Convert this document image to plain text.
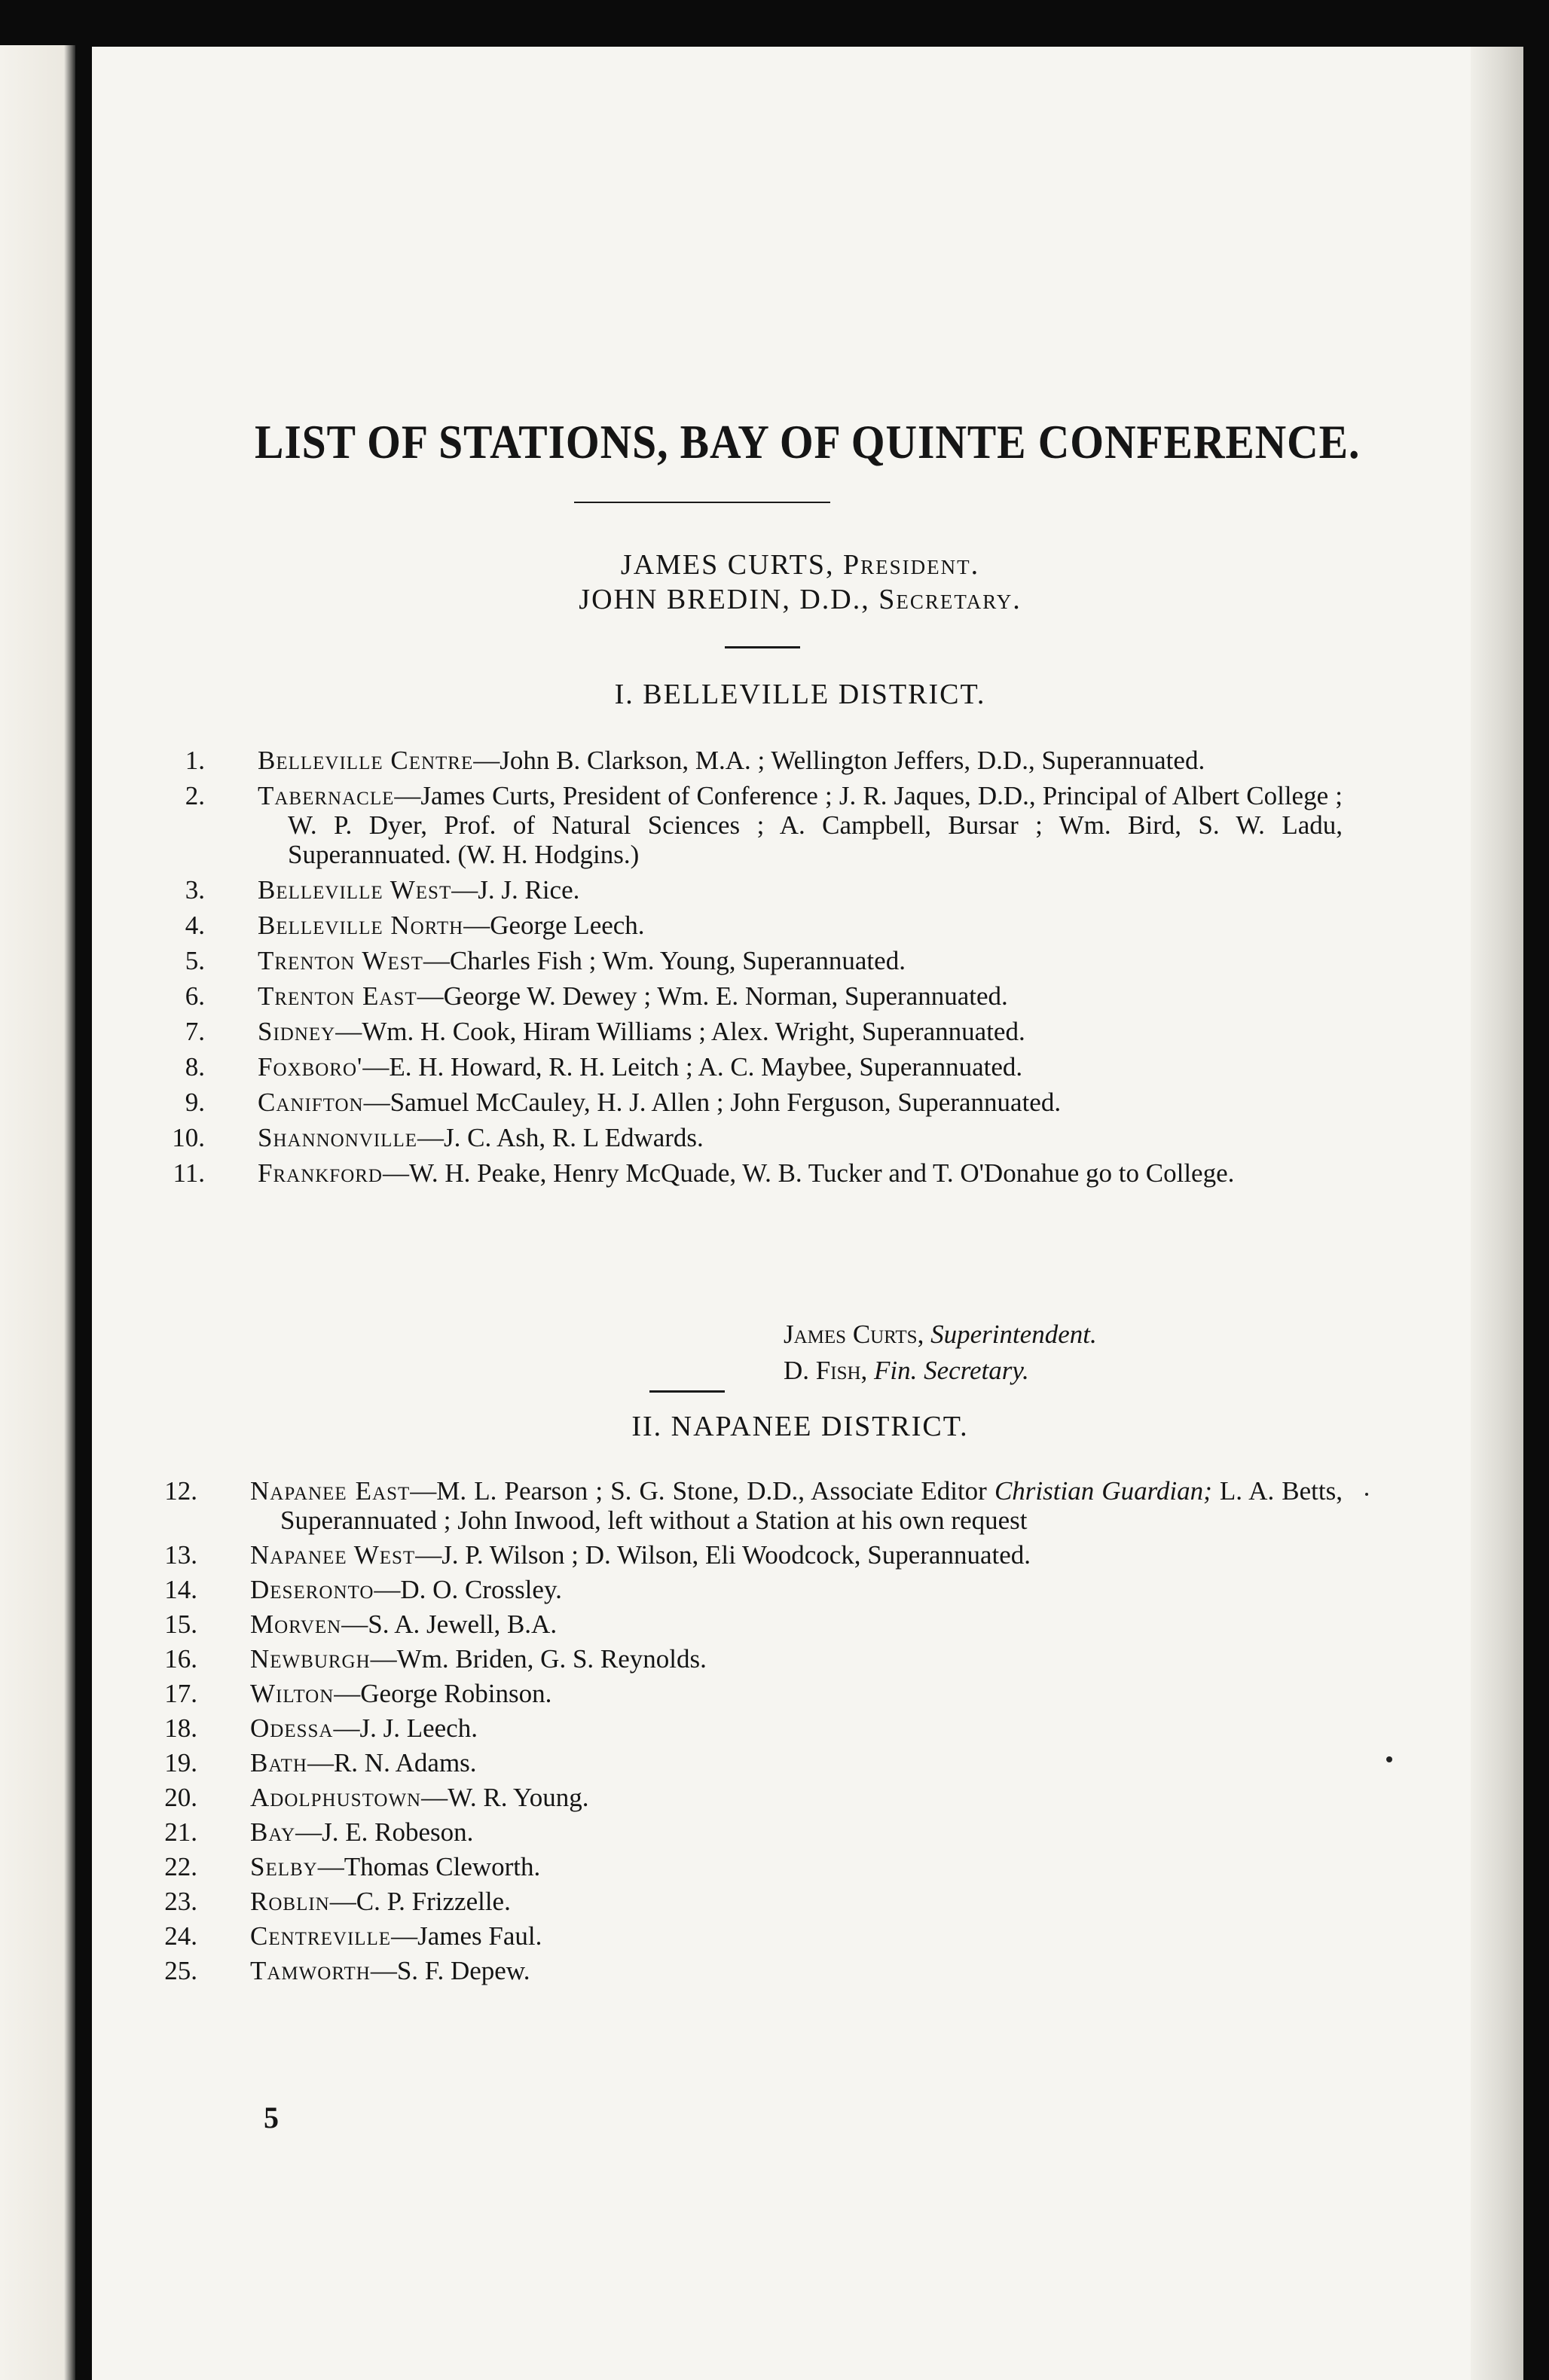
LIST OF STATIONS, BAY OF QUINTE CONFERENCE.
JAMES CURTS, President.
JOHN BREDIN, D.D., Secretary.
I. BELLEVILLE DISTRICT.
1. Belleville Centre—John B. Clarkson, M.A. ; Wellington Jeffers, D.D., Superannuated.
2. Tabernacle—James Curts, President of Conference ; J. R. Jaques, D.D., Principal of Albert College ; W. P. Dyer, Prof. of Natural Sciences ; A. Campbell, Bursar ; Wm. Bird, S. W. Ladu, Superannuated. (W. H. Hodgins.)
3. Belleville West—J. J. Rice.
4. Belleville North—George Leech.
5. Trenton West—Charles Fish ; Wm. Young, Superannuated.
6. Trenton East—George W. Dewey ; Wm. E. Norman, Superannuated.
7. Sidney—Wm. H. Cook, Hiram Williams ; Alex. Wright, Superannuated.
8. Foxboro'—E. H. Howard, R. H. Leitch ; A. C. Maybee, Superannuated.
9. Canifton—Samuel McCauley, H. J. Allen ; John Ferguson, Superannuated.
10. Shannonville—J. C. Ash, R. L Edwards.
11. Frankford—W. H. Peake, Henry McQuade, W. B. Tucker and T. O'Donahue go to College.
James Curts, Superintendent.
D. Fish, Fin. Secretary.
II. NAPANEE DISTRICT.
12. Napanee East—M. L. Pearson ; S. G. Stone, D.D., Associate Editor Christian Guardian; L. A. Betts, Superannuated ; John Inwood, left without a Station at his own request
13. Napanee West—J. P. Wilson ; D. Wilson, Eli Woodcock, Superannuated.
14. Deseronto—D. O. Crossley.
15. Morven—S. A. Jewell, B.A.
16. Newburgh—Wm. Briden, G. S. Reynolds.
17. Wilton—George Robinson.
18. Odessa—J. J. Leech.
19. Bath—R. N. Adams.
20. Adolphustown—W. R. Young.
21. Bay—J. E. Robeson.
22. Selby—Thomas Cleworth.
23. Roblin—C. P. Frizzelle.
24. Centreville—James Faul.
25. Tamworth—S. F. Depew.
5
